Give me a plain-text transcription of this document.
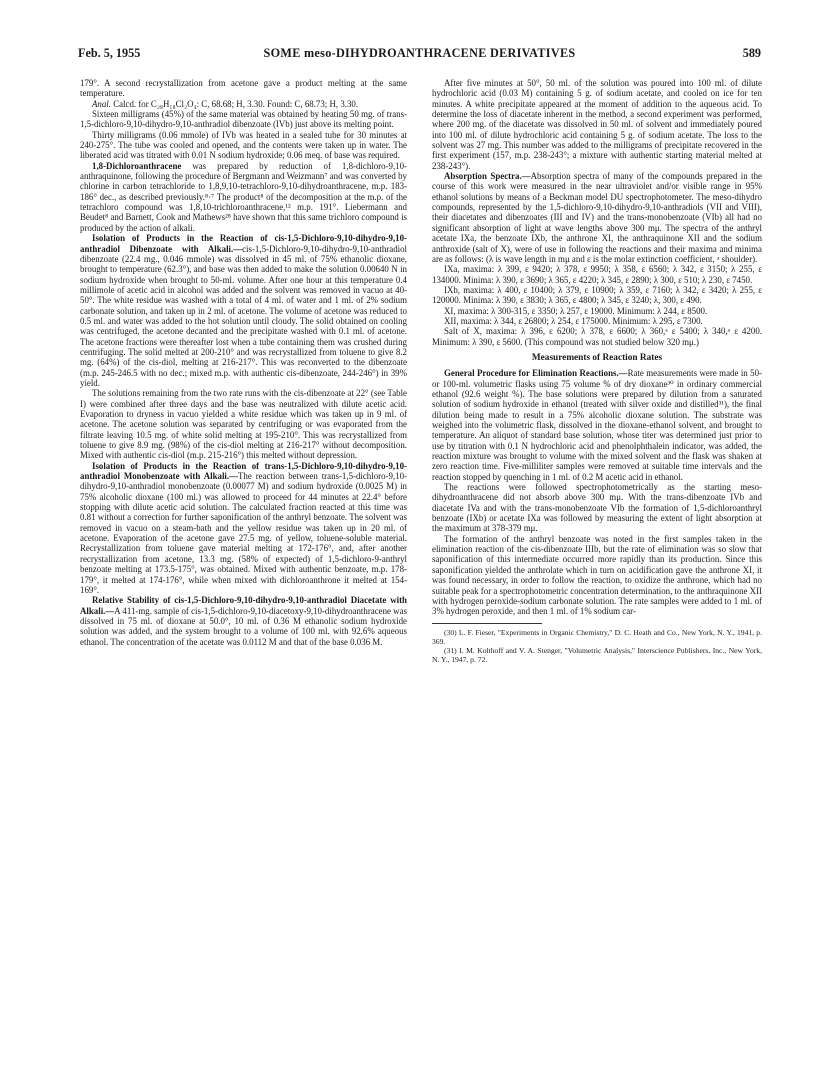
Feb. 5, 1955	SOME meso-DIHYDROANTHRACENE DERIVATIVES	589

179°. A second recrystallization from acetone gave a product melting at the same temperature.

Anal. Calcd. for C₂₈H₁₈Cl₂O₄: C, 68.68; H, 3.30. Found: C, 68.73; H, 3.30.

Sixteen milligrams (45%) of the same material was obtained by heating 50 mg. of trans-1,5-dichloro-9,10-dihydro-9,10-anthradiol dibenzoate (IVb) just above its melting point.

Thirty milligrams (0.06 mmole) of IVb was heated in a sealed tube for 30 minutes at 240-275°. The tube was cooled and opened, and the contents were taken up in water. The liberated acid was titrated with 0.01 N sodium hydroxide; 0.06 meq. of base was required.

1,8-Dichloroanthracene was prepared by reduction of 1,8-dichloro-9,10-anthraquinone, following the procedure of Bergmann and Weizmann⁷ and was converted by chlorine in carbon tetrachloride to 1,8,9,10-tetrachloro-9,10-dihydroanthracene, m.p. 183-186° dec., as described previously.⁸·⁷ The product⁸ of the decomposition at the m.p. of the tetrachloro compound was 1,8,10-trichloroanthracene,¹² m.p. 191°. Liebermann and Beudet⁸ and Barnett, Cook and Mathews²⁸ have shown that this same trichloro compound is produced by the action of alkali.

Isolation of Products in the Reaction of cis-1,5-Dichloro-9,10-dihydro-9,10-anthradiol Dibenzoate with Alkali.—cis-1,5-Dichloro-9,10-dihydro-9,10-anthradiol dibenzoate (22.4 mg., 0.046 mmole) was dissolved in 45 ml. of 75% ethanolic dioxane, brought to temperature (62.3°), and base was then added to make the solution 0.00640 N in sodium hydroxide when brought to 50-ml. volume. After one hour at this temperature 0.4 millimole of acetic acid in alcohol was added and the solvent was removed in vacuo at 40-50°. The white residue was washed with a total of 4 ml. of water and 1 ml. of 2% sodium carbonate solution, and taken up in 2 ml. of acetone. The volume of acetone was reduced to 0.5 ml. and water was added to the hot solution until cloudy. The solid obtained on cooling was centrifuged, the acetone decanted and the precipitate washed with 0.1 ml. of acetone. The acetone fractions were thereafter lost when a tube containing them was crushed during centrifuging. The solid melted at 200-210° and was recrystallized from toluene to give 8.2 mg. (64%) of the cis-diol, melting at 216-217°. This was reconverted to the dibenzoate (m.p. 245-246.5 with no dec.; mixed m.p. with authentic cis-dibenzoate, 244-246°) in 39% yield.

The solutions remaining from the two rate runs with the cis-dibenzoate at 22° (see Table I) were combined after three days and the base was neutralized with dilute acetic acid. Evaporation to dryness in vacuo yielded a white residue which was taken up in 9 ml. of acetone. The acetone solution was separated by centrifuging or was evaporated from the filtrate leaving 10.5 mg. of white solid melting at 195-210°. This was recrystallized from toluene to give 8.9 mg. (98%) of the cis-diol melting at 216-217° without decomposition. Mixed with authentic cis-diol (m.p. 215-216°) this melted without depression.

Isolation of Products in the Reaction of trans-1,5-Dichloro-9,10-dihydro-9,10-anthradiol Monobenzoate with Alkali.—The reaction between trans-1,5-dichloro-9,10-dihydro-9,10-anthradiol monobenzoate (0.00077 M) and sodium hydroxide (0.0025 M) in 75% alcoholic dioxane (100 ml.) was allowed to proceed for 44 minutes at 22.4° before stopping with dilute acetic acid solution. The calculated fraction reacted at this time was 0.81 without a correction for further saponification of the anthryl benzoate. The solvent was removed in vacuo on a steam-bath and the yellow residue was taken up in 20 ml. of acetone. Evaporation of the acetone gave 27.5 mg. of yellow, toluene-soluble material. Recrystallization from toluene gave material melting at 172-176°, and, after another recrystallization from acetone, 13.3 mg. (58% of expected) of 1,5-dichloro-9-anthryl benzoate melting at 173.5-175°, was obtained. Mixed with authentic benzoate, m.p. 178-179°, it melted at 174-176°, while when mixed with dichloroanthrone it melted at 154-169°.

Relative Stability of cis-1,5-Dichloro-9,10-dihydro-9,10-anthradiol Diacetate with Alkali.—A 411-mg. sample of cis-1,5-dichloro-9,10-diacetoxy-9,10-dihydroanthracene was dissolved in 75 ml. of dioxane at 50.0°, 10 ml. of 0.36 M ethanolic sodium hydroxide solution was added, and the system brought to a volume of 100 ml. with 92.6% aqueous ethanol. The concentration of the acetate was 0.0112 M and that of the base 0.036 M.

After five minutes at 50°, 50 ml. of the solution was poured into 100 ml. of dilute hydrochloric acid (0.03 M) containing 5 g. of sodium acetate, and cooled on ice for ten minutes. A white precipitate appeared at the moment of addition to the aqueous acid. To determine the loss of diacetate inherent in the method, a second experiment was performed, where 200 mg. of the diacetate was dissolved in 50 ml. of solvent and immediately poured into 100 ml. of dilute hydrochloric acid containing 5 g. of sodium acetate. The loss to the solvent was 27 mg. This number was added to the milligrams of precipitate recovered in the first experiment (157, m.p. 238-243°; a mixture with authentic starting material melted at 238-243°).

Absorption Spectra.—Absorption spectra of many of the compounds prepared in the course of this work were measured in the near ultraviolet and/or visible range in 95% ethanol solutions by means of a Beckman model DU spectrophotometer. The meso-dihydro compounds, represented by the 1,5-dichloro-9,10-dihydro-9,10-anthradiols (VII and VIII), their diacetates and dibenzoates (III and IV) and the trans-monobenzoate (VIb) all had no significant absorption of light at wave lengths above 300 mμ. The spectra of the anthryl acetate IXa, the benzoate IXb, the anthrone XI, the anthraquinone XII and the sodium anthroxide (salt of X), were of use in following the reactions and their maxima and minima are as follows: (λ is wave length in mμ and ε is the molar extinction coefficient, ᵃ shoulder).

IXa, maxima: λ 399, ε 9420; λ 378, ε 9950; λ 358, ε 6560; λ 342, ε 3150; λ 255, ε 134000. Minima: λ 390, ε 3690; λ 365, ε 4220; λ 345, ε 2890; λ 300, ε 510; λ 230, ε 7450.

IXb, maxima: λ 400, ε 10400; λ 379, ε 10900; λ 359, ε 7160; λ 342, ε 3420; λ 255, ε 120000. Minima: λ 390, ε 3830; λ 365, ε 4800; λ 345, ε 3240; λ, 300, ε 490.

XI, maxima: λ 300-315, ε 3350; λ 257, ε 19000. Minimum: λ 244, ε 8500.

XII, maxima: λ 344, ε 26800; λ 254, ε 175000. Minimum: λ 295, ε 7300.

Salt of X, maxima: λ 396, ε 6200; λ 378, ε 6600; λ 360,ᵃ ε 5400; λ 340,ᵃ ε 4200. Minimum: λ 390, ε 5600. (This compound was not studied below 320 mμ.)

Measurements of Reaction Rates

General Procedure for Elimination Reactions.—Rate measurements were made in 50- or 100-ml. volumetric flasks using 75 volume % of dry dioxane³⁰ in ordinary commercial ethanol (92.6 weight %). The base solutions were prepared by dilution from a saturated solution of sodium hydroxide in ethanol (treated with silver oxide and distilled³¹), the final dilution being made to result in a 75% alcoholic dioxane solution. The substrate was weighed into the volumetric flask, dissolved in the dioxane-ethanol solvent, and brought to temperature. An aliquot of standard base solution, whose titer was determined just prior to use by titration with 0.1 N hydrochloric acid and phenolphthalein indicator, was added, the reaction mixture was brought to volume with the mixed solvent and the flask was shaken at zero reaction time. Five-milliliter samples were removed at suitable time intervals and the reaction stopped by quenching in 1 ml. of 0.2 M acetic acid in ethanol.

The reactions were followed spectrophotometrically as the starting meso-dihydroanthracene did not absorb above 300 mμ. With the trans-dibenzoate IVb and diacetate IVa and with the trans-monobenzoate VIb the formation of 1,5-dichloroanthryl benzoate (IXb) or acetate IXa was followed by measuring the extent of light absorption at the maximum at 378-379 mμ.

The formation of the anthryl benzoate was noted in the first samples taken in the elimination reaction of the cis-dibenzoate IIIb, but the rate of elimination was so slow that saponification of this intermediate occurred more rapidly than its production. Since this saponification yielded the anthrolate which in turn on acidification gave the anthrone XI, it was found necessary, in order to follow the reaction, to oxidize the anthrone, which had no suitable peak for a spectrophotometric concentration determination, to the anthraquinone XII with hydrogen peroxide-sodium carbonate solution. The rate samples were added to 1 ml. of 3% hydrogen peroxide, and then 1 ml. of 1% sodium car-

(30) L. F. Fieser, "Experiments in Organic Chemistry," D. C. Heath and Co., New York, N. Y., 1941, p. 369.

(31) I. M. Kolthoff and V. A. Stenger, "Volumetric Analysis," Interscience Publishers, Inc., New York, N. Y., 1947, p. 72.
